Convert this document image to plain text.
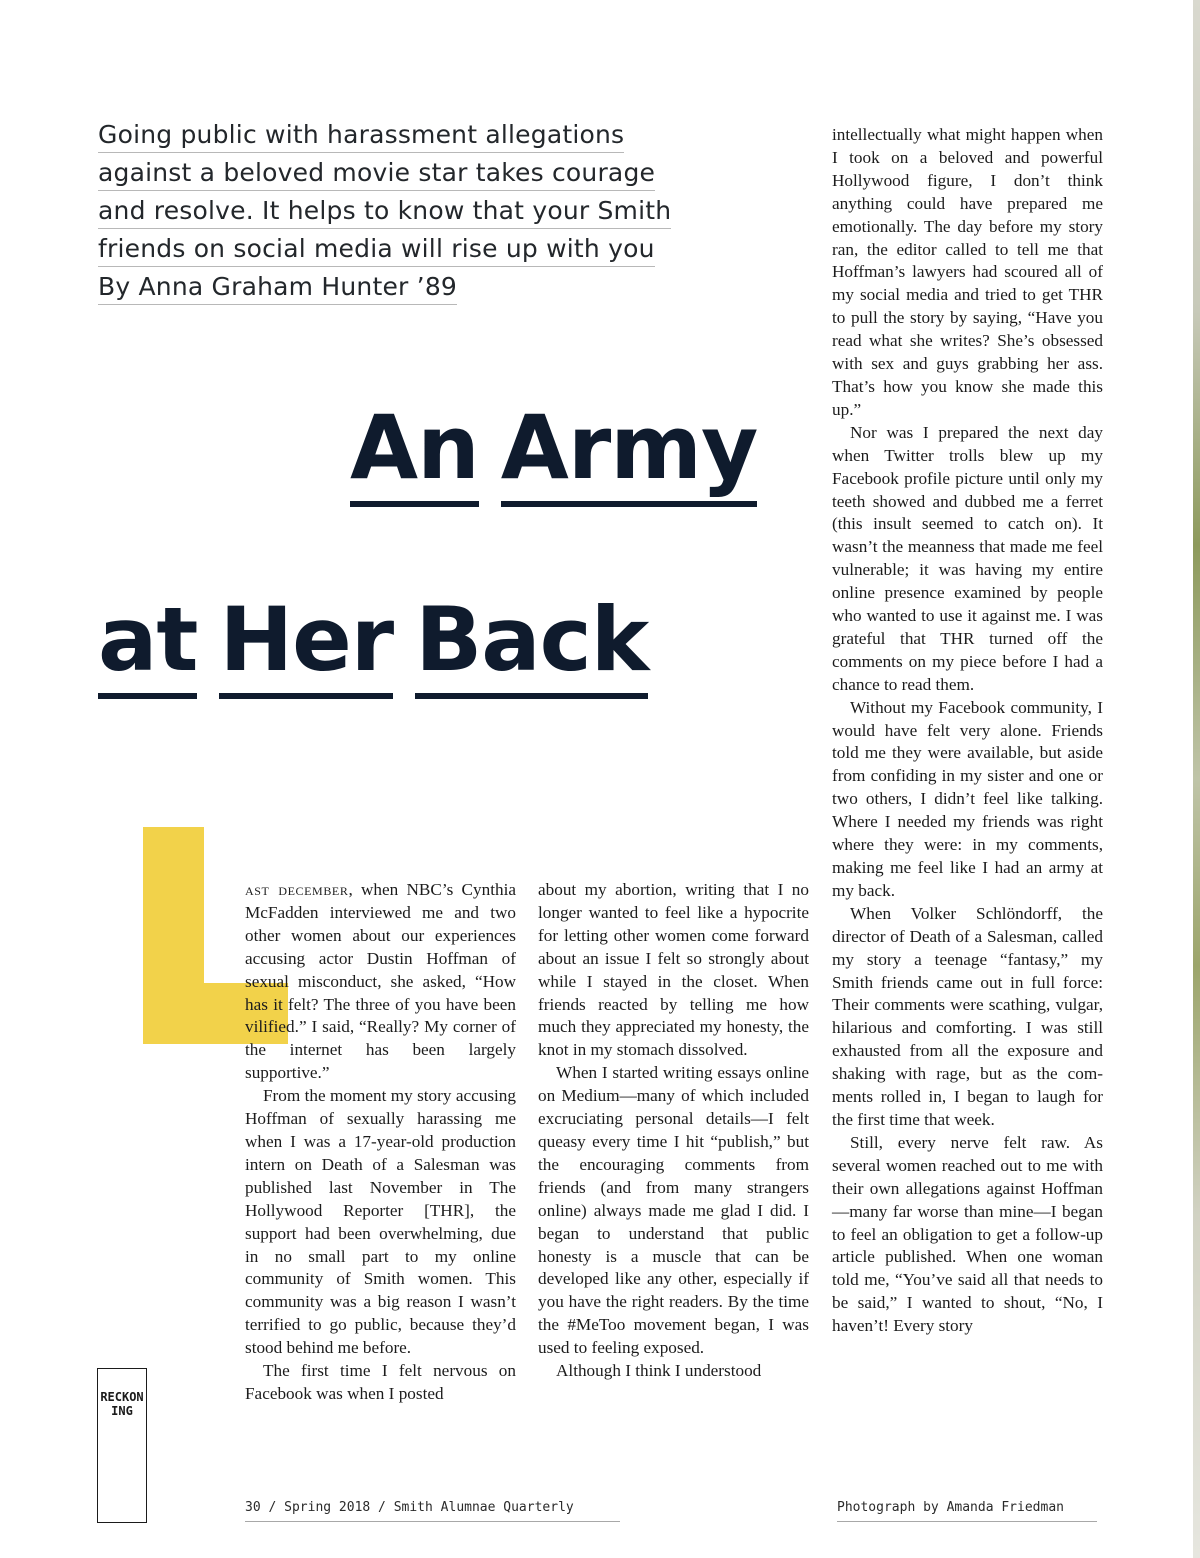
Going public with harassment allegations
against a beloved movie star takes courage
and resolve. It helps to know that your Smith
friends on social media will rise up with you
By Anna Graham Hunter ’89
An Army
at Her Back

ast december, when NBC’s Cynthia McFadden interviewed me and two other women about our experiences accusing actor Dustin Hoffman of sexual misconduct, she asked, “How has it felt? The three of you have been vilified.” I said, “Really? My corner of the internet has been largely supportive.”

From the moment my story accusing Hoffman of sexually harassing me when I was a 17-year-old production intern on Death of a Salesman was published last November in The Hollywood Reporter [THR], the support had been overwhelming, due in no small part to my online community of Smith women. This community was a big reason I wasn’t terrified to go public, because they’d stood behind me before.

The first time I felt nervous on Facebook was when I posted

about my abortion, writing that I no longer wanted to feel like a hypocrite for letting other women come forward about an issue I felt so strongly about while I stayed in the closet. When friends reacted by telling me how much they appreciated my honesty, the knot in my stomach dissolved.

When I started writing essays online on Medium—many of which included excruciating personal details—I felt queasy every time I hit “publish,” but the encouraging comments from friends (and from many strangers online) always made me glad I did. I began to understand that public honesty is a muscle that can be developed like any other, especially if you have the right readers. By the time the #MeToo movement began, I was used to feeling exposed.

Although I think I understood

intellectually what might happen when I took on a beloved and powerful Hollywood figure, I don’t think anything could have prepared me emotionally. The day before my story ran, the editor called to tell me that Hoffman’s lawyers had scoured all of my social media and tried to get THR to pull the story by saying, “Have you read what she writes? She’s obsessed with sex and guys grabbing her ass. That’s how you know she made this up.”

Nor was I prepared the next day when Twitter trolls blew up my Facebook profile picture until only my teeth showed and dubbed me a ferret (this insult seemed to catch on). It wasn’t the meanness that made me feel vulnerable; it was having my entire online presence examined by people who wanted to use it against me. I was grateful that THR turned off the comments on my piece before I had a chance to read them.

Without my Facebook community, I would have felt very alone. Friends told me they were available, but aside from confiding in my sister and one or two others, I didn’t feel like talking. Where I needed my friends was right where they were: in my comments, making me feel like I had an army at my back.

When Volker Schlöndorff, the director of Death of a Salesman, called my story a teenage “fantasy,” my Smith friends came out in full force: Their comments were scathing, vulgar, hilarious and comforting. I was still exhausted from all the exposure and shaking with rage, but as the comments rolled in, I began to laugh for the first time that week.

Still, every nerve felt raw. As several women reached out to me with their own allegations against Hoffman—many far worse than mine—I began to feel an obligation to get a follow-up article published. When one woman told me, “You’ve said all that needs to be said,” I wanted to shout, “No, I haven’t! Every story

RECKONING
30 / Spring 2018 / Smith Alumnae Quarterly	Photograph by Amanda Friedman
